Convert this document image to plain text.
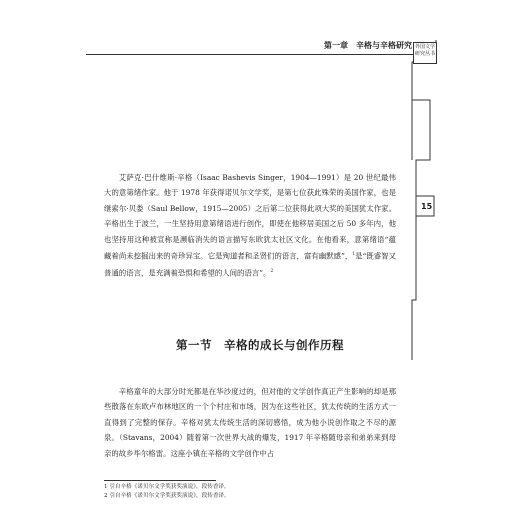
第一章　辛格与辛格研究 外国文学
研究丛书
15

艾萨克·巴什维斯·辛格（Isaac Bashevis Singer，1904—1991）是 20 世纪最伟大的意第绪作家。他于 1978 年获得诺贝尔文学奖，是第七位获此殊荣的美国作家，也是继索尔·贝娄（Saul Bellow，1915—2005）之后第二位获得此项大奖的美国犹太作家。辛格出生于波兰，一生坚持用意第绪语进行创作，即使在他移居美国之后 50 多年内，他也坚持用这种被宣称是濒临消失的语言描写东欧犹太社区文化。在他看来，意第绪语“蕴藏着尚未挖掘出来的奇珍异宝。它是殉道者和圣贤们的语言，富有幽默感”，$^1$是“既睿智又普通的语言，是充满着恐惧和希望的人间的语言”。$^2$

第一节　辛格的成长与创作历程

辛格童年的大部分时光都是在华沙度过的，但对他的文学创作真正产生影响的却是那些散落在东欧卢布林地区的一个个村庄和市场，因为在这些社区，犹太传统的生活方式一直得到了完整的保存。辛格对犹太传统生活的深切感悟，成为他小说创作取之不尽的源泉。（Stavans，2004）随着第一次世界大战的爆发，1917 年辛格随母亲和弟弟来到母亲的故乡毕尔格雷。这座小镇在辛格的文学创作中占

1 引自辛格《诺贝尔文学奖获奖演说》，段传香译。
2 引自辛格《诺贝尔文学奖获奖演说》，段传香译。
